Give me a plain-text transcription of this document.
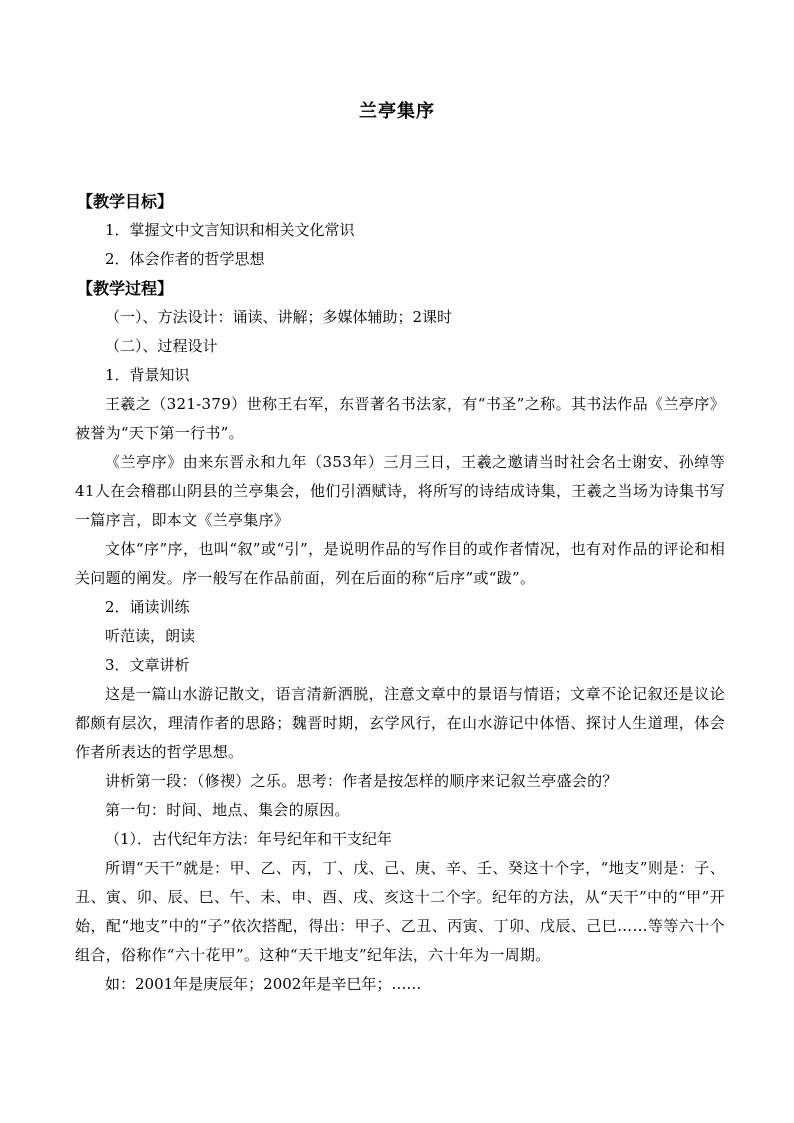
兰亭集序
【教学目标】
1．掌握文中文言知识和相关文化常识
2．体会作者的哲学思想
【教学过程】
（一）、方法设计：诵读、讲解；多媒体辅助；2课时
（二）、过程设计
1．背景知识
王羲之（321-379）世称王右军，东晋著名书法家，有“书圣”之称。其书法作品《兰亭序》被誉为“天下第一行书”。
《兰亭序》由来东晋永和九年（353年）三月三日，王羲之邀请当时社会名士谢安、孙绰等41人在会稽郡山阴县的兰亭集会，他们引酒赋诗，将所写的诗结成诗集，王羲之当场为诗集书写一篇序言，即本文《兰亭集序》
文体“序”序，也叫“叙”或“引”，是说明作品的写作目的或作者情况，也有对作品的评论和相关问题的阐发。序一般写在作品前面，列在后面的称“后序”或“跋”。
2．诵读训练
听范读，朗读
3．文章讲析
这是一篇山水游记散文，语言清新洒脱，注意文章中的景语与情语；文章不论记叙还是议论都颇有层次，理清作者的思路；魏晋时期，玄学风行，在山水游记中体悟、探讨人生道理，体会作者所表达的哲学思想。
讲析第一段：（修禊）之乐。思考：作者是按怎样的顺序来记叙兰亭盛会的？
第一句：时间、地点、集会的原因。
（1）．古代纪年方法：年号纪年和干支纪年
所谓“天干”就是：甲、乙、丙，丁、戊、己、庚、辛、壬、癸这十个字，“地支”则是：子、丑、寅、卯、辰、巳、午、未、申、酉、戌、亥这十二个字。纪年的方法，从“天干”中的“甲”开始，配“地支”中的“子”依次搭配，得出：甲子、乙丑、丙寅、丁卯、戊辰、己巳……等等六十个组合，俗称作“六十花甲”。这种“天干地支”纪年法，六十年为一周期。
如：2001年是庚辰年；2002年是辛巳年；……
